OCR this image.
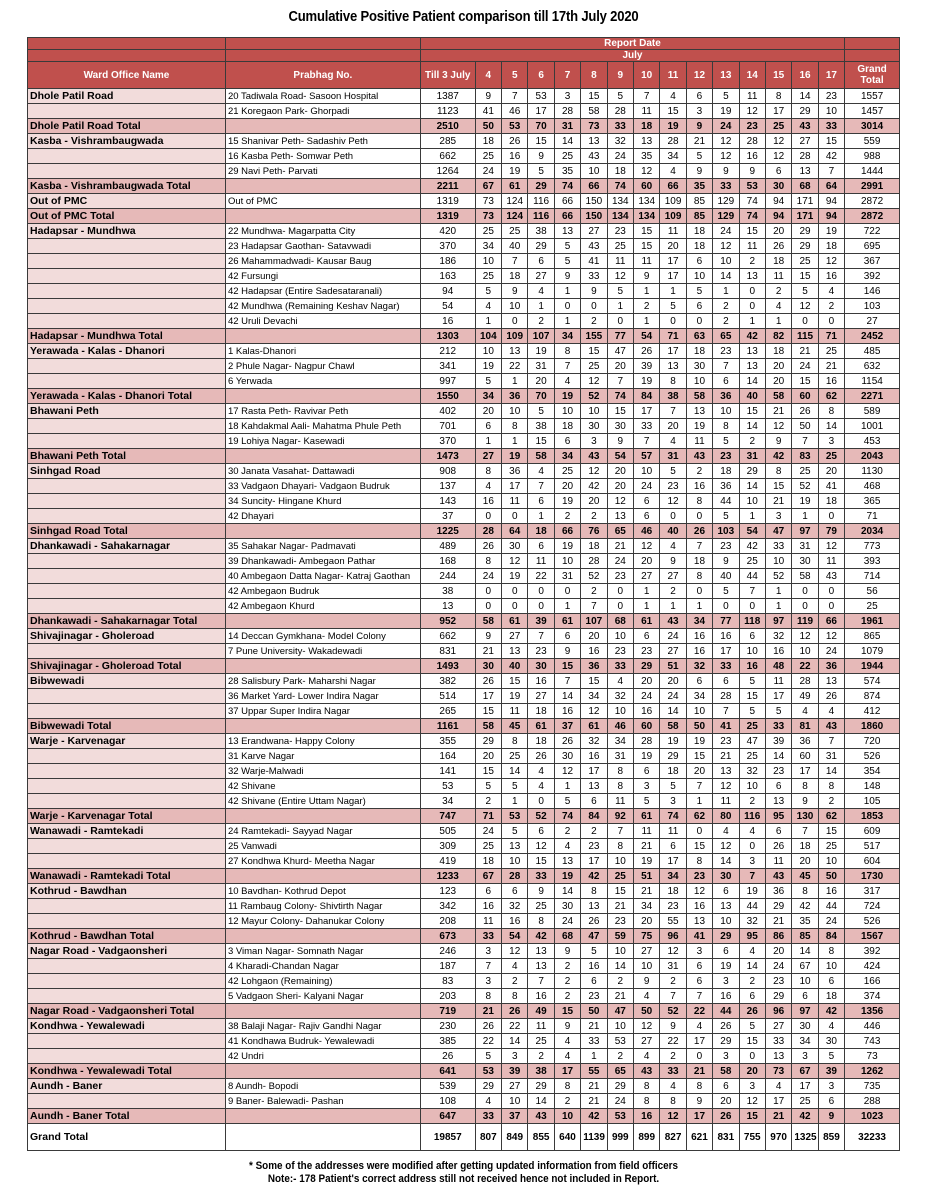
Cumulative Positive Patient comparison till 17th July 2020
		Report Date															
		July															
Ward Office Name	Prabhag No.	Till 3 July	4	5	6	7	8	9	10	11	12	13	14	15	16	17	Grand Total
Dhole Patil Road	20 Tadiwala Road- Sasoon Hospital	1387	9	7	53	3	15	5	7	4	6	5	11	8	14	23	1557
	21 Koregaon Park- Ghorpadi	1123	41	46	17	28	58	28	11	15	3	19	12	17	29	10	1457
Dhole Patil Road Total		2510	50	53	70	31	73	33	18	19	9	24	23	25	43	33	3014
Kasba - Vishrambaugwada	15 Shanivar Peth- Sadashiv Peth	285	18	26	15	14	13	32	13	28	21	12	28	12	27	15	559
	16 Kasba Peth- Somwar Peth	662	25	16	9	25	43	24	35	34	5	12	16	12	28	42	988
	29 Navi Peth- Parvati	1264	24	19	5	35	10	18	12	4	9	9	9	6	13	7	1444
Kasba - Vishrambaugwada Total		2211	67	61	29	74	66	74	60	66	35	33	53	30	68	64	2991
Out of PMC	Out of PMC	1319	73	124	116	66	150	134	134	109	85	129	74	94	171	94	2872
Out of PMC Total		1319	73	124	116	66	150	134	134	109	85	129	74	94	171	94	2872
Hadapsar - Mundhwa	22 Mundhwa- Magarpatta City	420	25	25	38	13	27	23	15	11	18	24	15	20	29	19	722
	23 Hadapsar Gaothan- Satavwadi	370	34	40	29	5	43	25	15	20	18	12	11	26	29	18	695
	26 Mahammadwadi- Kausar Baug	186	10	7	6	5	41	11	11	17	6	10	2	18	25	12	367
	42 Fursungi	163	25	18	27	9	33	12	9	17	10	14	13	11	15	16	392
	42 Hadapsar (Entire Sadesataranali)	94	5	9	4	1	9	5	1	1	5	1	0	2	5	4	146
	42 Mundhwa (Remaining Keshav Nagar)	54	4	10	1	0	0	1	2	5	6	2	0	4	12	2	103
	42 Uruli Devachi	16	1	0	2	1	2	0	1	0	0	2	1	1	0	0	27
Hadapsar - Mundhwa Total		1303	104	109	107	34	155	77	54	71	63	65	42	82	115	71	2452
Yerawada - Kalas - Dhanori	1 Kalas-Dhanori	212	10	13	19	8	15	47	26	17	18	23	13	18	21	25	485
	2 Phule Nagar- Nagpur Chawl	341	19	22	31	7	25	20	39	13	30	7	13	20	24	21	632
	6 Yerwada	997	5	1	20	4	12	7	19	8	10	6	14	20	15	16	1154
Yerawada - Kalas - Dhanori Total		1550	34	36	70	19	52	74	84	38	58	36	40	58	60	62	2271
Bhawani Peth	17 Rasta Peth- Ravivar Peth	402	20	10	5	10	10	15	17	7	13	10	15	21	26	8	589
	18 Kahdakmal Aali- Mahatma Phule Peth	701	6	8	38	18	30	30	33	20	19	8	14	12	50	14	1001
	19 Lohiya Nagar- Kasewadi	370	1	1	15	6	3	9	7	4	11	5	2	9	7	3	453
Bhawani Peth Total		1473	27	19	58	34	43	54	57	31	43	23	31	42	83	25	2043
Sinhgad Road	30 Janata Vasahat- Dattawadi	908	8	36	4	25	12	20	10	5	2	18	29	8	25	20	1130
	33 Vadgaon Dhayari- Vadgaon Budruk	137	4	17	7	20	42	20	24	23	16	36	14	15	52	41	468
	34 Suncity- Hingane Khurd	143	16	11	6	19	20	12	6	12	8	44	10	21	19	18	365
	42 Dhayari	37	0	0	1	2	2	13	6	0	0	5	1	3	1	0	71
Sinhgad Road Total		1225	28	64	18	66	76	65	46	40	26	103	54	47	97	79	2034
Dhankawadi - Sahakarnagar	35 Sahakar Nagar- Padmavati	489	26	30	6	19	18	21	12	4	7	23	42	33	31	12	773
	39 Dhankawadi- Ambegaon Pathar	168	8	12	11	10	28	24	20	9	18	9	25	10	30	11	393
	40 Ambegaon Datta Nagar- Katraj Gaothan	244	24	19	22	31	52	23	27	27	8	40	44	52	58	43	714
	42 Ambegaon Budruk	38	0	0	0	0	2	0	1	2	0	5	7	1	0	0	56
	42 Ambegaon Khurd	13	0	0	0	1	7	0	1	1	1	0	0	1	0	0	25
Dhankawadi - Sahakarnagar Total		952	58	61	39	61	107	68	61	43	34	77	118	97	119	66	1961
Shivajinagar - Gholeroad	14 Deccan Gymkhana- Model Colony	662	9	27	7	6	20	10	6	24	16	16	6	32	12	12	865
	7 Pune University- Wakadewadi	831	21	13	23	9	16	23	23	27	16	17	10	16	10	24	1079
Shivajinagar - Gholeroad Total		1493	30	40	30	15	36	33	29	51	32	33	16	48	22	36	1944
Bibwewadi	28 Salisbury Park- Maharshi Nagar	382	26	15	16	7	15	4	20	20	6	6	5	11	28	13	574
	36 Market Yard- Lower Indira Nagar	514	17	19	27	14	34	32	24	24	34	28	15	17	49	26	874
	37 Uppar Super Indira Nagar	265	15	11	18	16	12	10	16	14	10	7	5	5	4	4	412
Bibwewadi Total		1161	58	45	61	37	61	46	60	58	50	41	25	33	81	43	1860
Warje - Karvenagar	13 Erandwana- Happy Colony	355	29	8	18	26	32	34	28	19	19	23	47	39	36	7	720
	31 Karve Nagar	164	20	25	26	30	16	31	19	29	15	21	25	14	60	31	526
	32 Warje-Malwadi	141	15	14	4	12	17	8	6	18	20	13	32	23	17	14	354
	42 Shivane	53	5	5	4	1	13	8	3	5	7	12	10	6	8	8	148
	42 Shivane (Entire Uttam Nagar)	34	2	1	0	5	6	11	5	3	1	11	2	13	9	2	105
Warje - Karvenagar Total		747	71	53	52	74	84	92	61	74	62	80	116	95	130	62	1853
Wanawadi - Ramtekadi	24 Ramtekadi- Sayyad Nagar	505	24	5	6	2	2	7	11	11	0	4	4	6	7	15	609
	25 Vanwadi	309	25	13	12	4	23	8	21	6	15	12	0	26	18	25	517
	27 Kondhwa Khurd- Meetha Nagar	419	18	10	15	13	17	10	19	17	8	14	3	11	20	10	604
Wanawadi - Ramtekadi Total		1233	67	28	33	19	42	25	51	34	23	30	7	43	45	50	1730
Kothrud - Bawdhan	10 Bavdhan- Kothrud Depot	123	6	6	9	14	8	15	21	18	12	6	19	36	8	16	317
	11 Rambaug Colony- Shivtirth Nagar	342	16	32	25	30	13	21	34	23	16	13	44	29	42	44	724
	12 Mayur Colony- Dahanukar Colony	208	11	16	8	24	26	23	20	55	13	10	32	21	35	24	526
Kothrud - Bawdhan Total		673	33	54	42	68	47	59	75	96	41	29	95	86	85	84	1567
Nagar Road - Vadgaonsheri	3 Viman Nagar- Somnath Nagar	246	3	12	13	9	5	10	27	12	3	6	4	20	14	8	392
	4 Kharadi-Chandan Nagar	187	7	4	13	2	16	14	10	31	6	19	14	24	67	10	424
	42 Lohgaon (Remaining)	83	3	2	7	2	6	2	9	2	6	3	2	23	10	6	166
	5 Vadgaon Sheri- Kalyani Nagar	203	8	8	16	2	23	21	4	7	7	16	6	29	6	18	374
Nagar Road - Vadgaonsheri Total		719	21	26	49	15	50	47	50	52	22	44	26	96	97	42	1356
Kondhwa - Yewalewadi	38 Balaji Nagar- Rajiv Gandhi Nagar	230	26	22	11	9	21	10	12	9	4	26	5	27	30	4	446
	41 Kondhawa Budruk- Yewalewadi	385	22	14	25	4	33	53	27	22	17	29	15	33	34	30	743
	42 Undri	26	5	3	2	4	1	2	4	2	0	3	0	13	3	5	73
Kondhwa - Yewalewadi Total		641	53	39	38	17	55	65	43	33	21	58	20	73	67	39	1262
Aundh - Baner	8 Aundh- Bopodi	539	29	27	29	8	21	29	8	4	8	6	3	4	17	3	735
	9 Baner- Balewadi- Pashan	108	4	10	14	2	21	24	8	8	9	20	12	17	25	6	288
Aundh - Baner Total		647	33	37	43	10	42	53	16	12	17	26	15	21	42	9	1023
Grand Total		19857	807	849	855	640	1139	999	899	827	621	831	755	970	1325	859	32233
* Some of the addresses were modified after getting updated information from field officers
Note:- 178 Patient's correct address still not received hence not included in Report.
